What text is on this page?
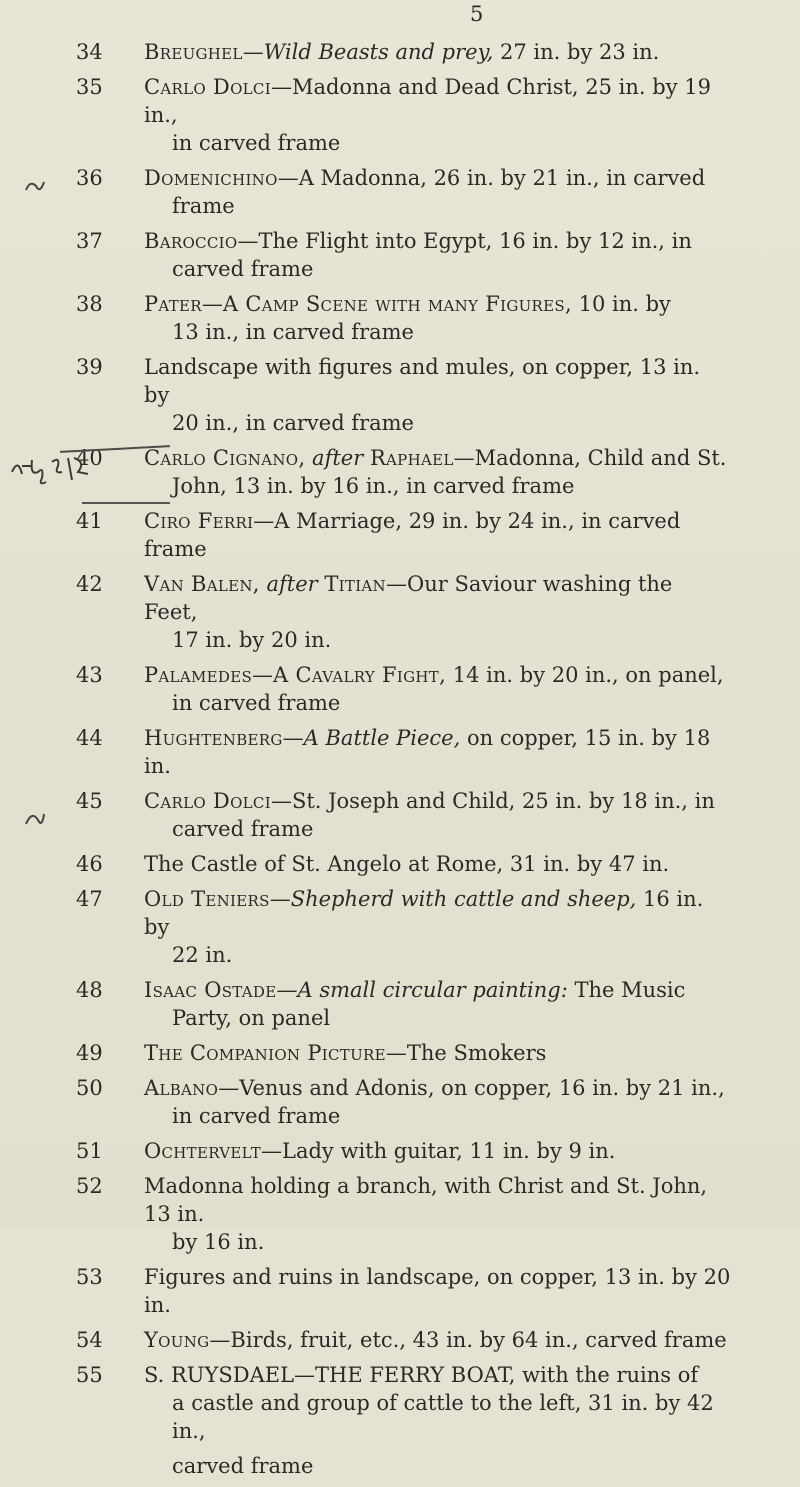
5
34	Breughel—Wild Beasts and prey, 27 in. by 23 in.
35	Carlo Dolci—Madonna and Dead Christ, 25 in. by 19 in.,
in carved frame
36	Domenichino—A Madonna, 26 in. by 21 in., in carved
frame
37	Baroccio—The Flight into Egypt, 16 in. by 12 in., in
carved frame
38	Pater—A Camp Scene with many Figures, 10 in. by
13 in., in carved frame
39	Landscape with figures and mules, on copper, 13 in. by
20 in., in carved frame
40	Carlo Cignano, after Raphael—Madonna, Child and St.
John, 13 in. by 16 in., in carved frame
41	Ciro Ferri—A Marriage, 29 in. by 24 in., in carved frame
42	Van Balen, after Titian—Our Saviour washing the Feet,
17 in. by 20 in.
43	Palamedes—A Cavalry Fight, 14 in. by 20 in., on panel,
in carved frame
44	Hughtenberg—A Battle Piece, on copper, 15 in. by 18 in.
45	Carlo Dolci—St. Joseph and Child, 25 in. by 18 in., in
carved frame
46	The Castle of St. Angelo at Rome, 31 in. by 47 in.
47	Old Teniers—Shepherd with cattle and sheep, 16 in. by
22 in.
48	Isaac Ostade—A small circular painting: The Music
Party, on panel
49	The Companion Picture—The Smokers
50	Albano—Venus and Adonis, on copper, 16 in. by 21 in.,
in carved frame
51	Ochtervelt—Lady with guitar, 11 in. by 9 in.
52	Madonna holding a branch, with Christ and St. John, 13 in.
by 16 in.
53	Figures and ruins in landscape, on copper, 13 in. by 20 in.
54	Young—Birds, fruit, etc., 43 in. by 64 in., carved frame
55	S. RUYSDAEL—THE FERRY BOAT, with the ruins of
a castle and group of cattle to the left, 31 in. by 42 in.,
carved frame
